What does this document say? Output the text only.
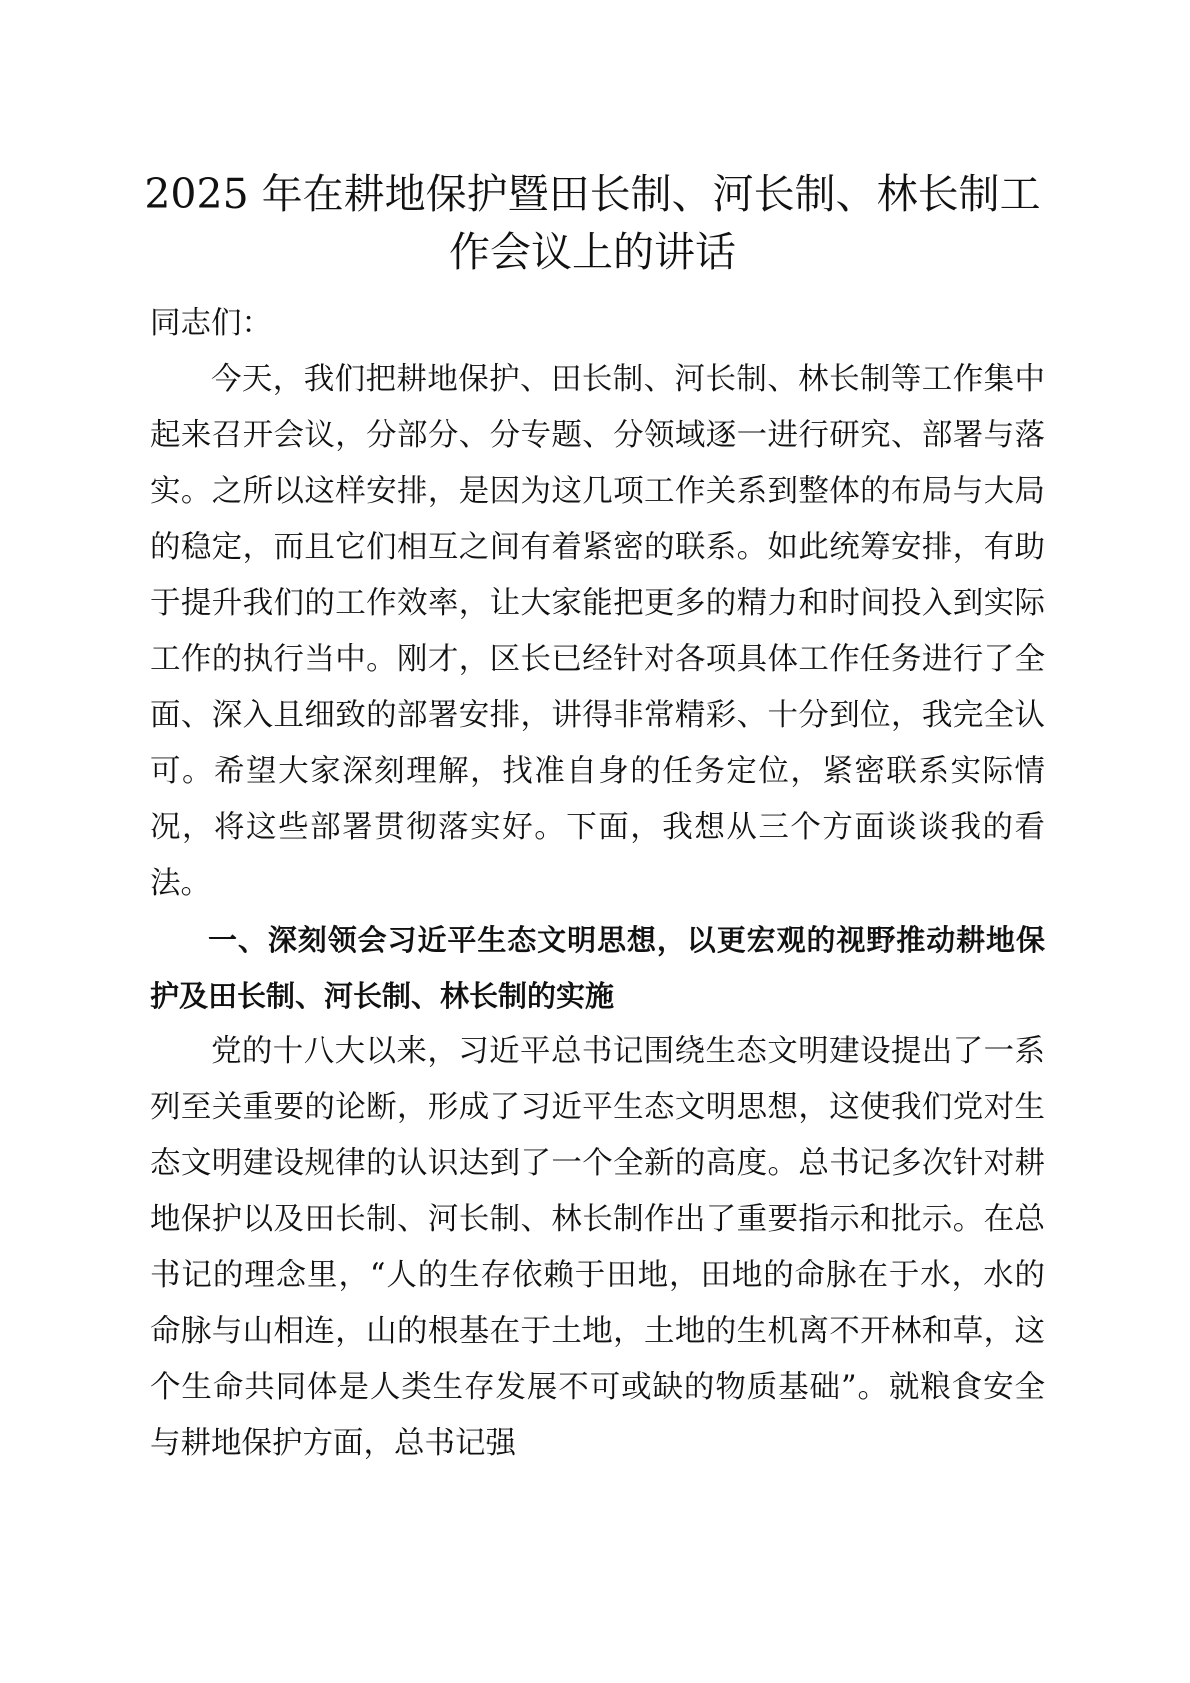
2025 年在耕地保护暨田长制、河长制、林长制工作会议上的讲话

同志们：

今天，我们把耕地保护、田长制、河长制、林长制等工作集中起来召开会议，分部分、分专题、分领域逐一进行研究、部署与落实。之所以这样安排，是因为这几项工作关系到整体的布局与大局的稳定，而且它们相互之间有着紧密的联系。如此统筹安排，有助于提升我们的工作效率，让大家能把更多的精力和时间投入到实际工作的执行当中。刚才，区长已经针对各项具体工作任务进行了全面、深入且细致的部署安排，讲得非常精彩、十分到位，我完全认可。希望大家深刻理解，找准自身的任务定位，紧密联系实际情况，将这些部署贯彻落实好。下面，我想从三个方面谈谈我的看法。

一、深刻领会习近平生态文明思想，以更宏观的视野推动耕地保护及田长制、河长制、林长制的实施

党的十八大以来，习近平总书记围绕生态文明建设提出了一系列至关重要的论断，形成了习近平生态文明思想，这使我们党对生态文明建设规律的认识达到了一个全新的高度。总书记多次针对耕地保护以及田长制、河长制、林长制作出了重要指示和批示。在总书记的理念里，“人的生存依赖于田地，田地的命脉在于水，水的命脉与山相连，山的根基在于土地，土地的生机离不开林和草，这个生命共同体是人类生存发展不可或缺的物质基础”。就粮食安全与耕地保护方面，总书记强
